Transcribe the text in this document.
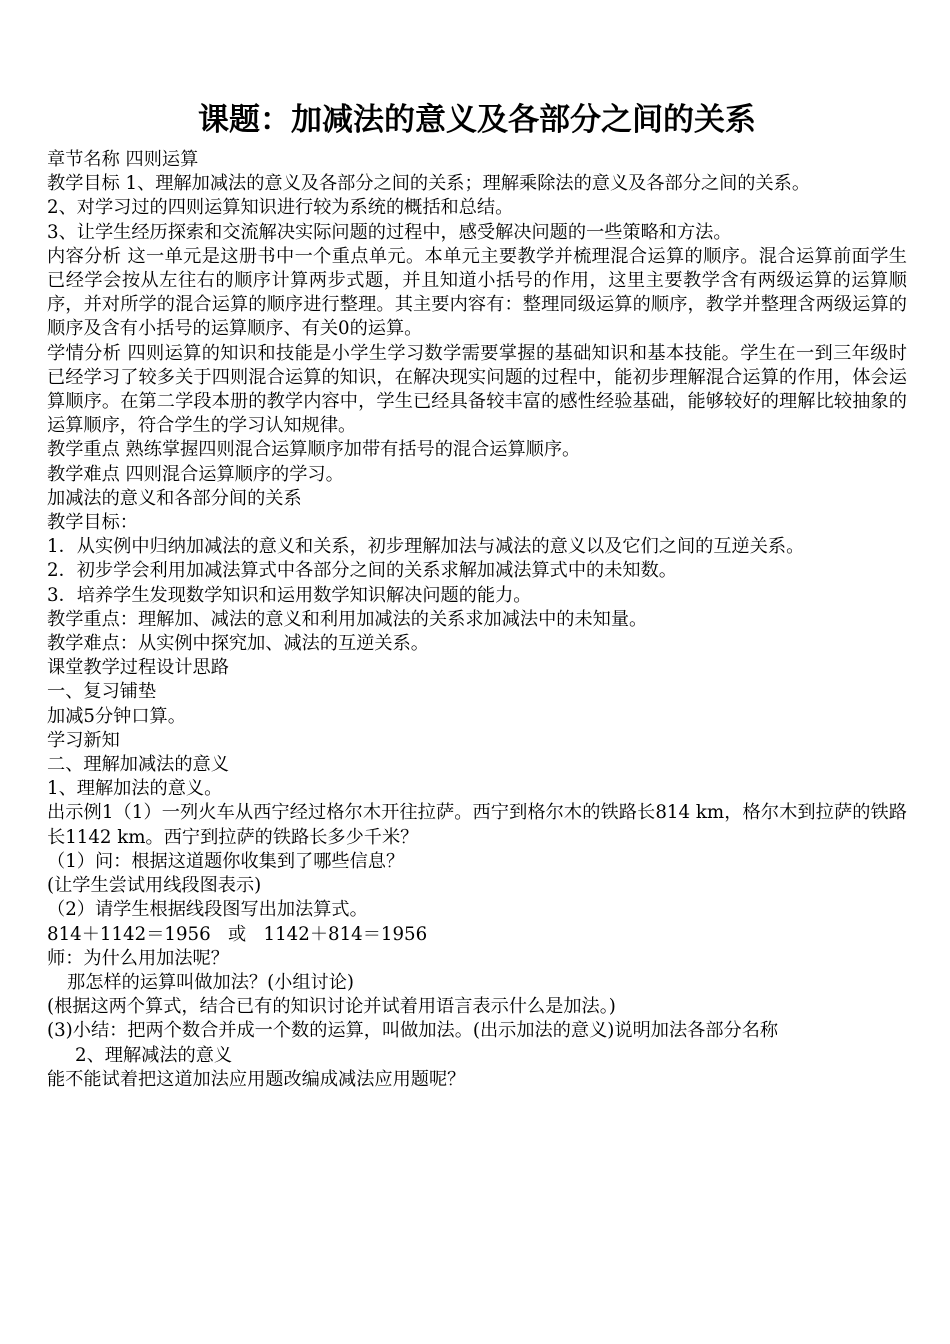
课题：加减法的意义及各部分之间的关系

章节名称 四则运算

教学目标 1、理解加减法的意义及各部分之间的关系；理解乘除法的意义及各部分之间的关系。

2、对学习过的四则运算知识进行较为系统的概括和总结。

3、让学生经历探索和交流解决实际问题的过程中，感受解决问题的一些策略和方法。

内容分析 这一单元是这册书中一个重点单元。本单元主要教学并梳理混合运算的顺序。混合运算前面学生已经学会按从左往右的顺序计算两步式题，并且知道小括号的作用，这里主要教学含有两级运算的运算顺序，并对所学的混合运算的顺序进行整理。其主要内容有：整理同级运算的顺序，教学并整理含两级运算的顺序及含有小括号的运算顺序、有关0的运算。

学情分析 四则运算的知识和技能是小学生学习数学需要掌握的基础知识和基本技能。学生在一到三年级时已经学习了较多关于四则混合运算的知识，在解决现实问题的过程中，能初步理解混合运算的作用，体会运算顺序。在第二学段本册的教学内容中，学生已经具备较丰富的感性经验基础，能够较好的理解比较抽象的运算顺序，符合学生的学习认知规律。

教学重点 熟练掌握四则混合运算顺序加带有括号的混合运算顺序。

教学难点 四则混合运算顺序的学习。

加减法的意义和各部分间的关系

教学目标：

1．从实例中归纳加减法的意义和关系，初步理解加法与减法的意义以及它们之间的互逆关系。

2．初步学会利用加减法算式中各部分之间的关系求解加减法算式中的未知数。

3．培养学生发现数学知识和运用数学知识解决问题的能力。

教学重点：理解加、减法的意义和利用加减法的关系求加减法中的未知量。

教学难点：从实例中探究加、减法的互逆关系。

课堂教学过程设计思路

一、复习铺垫

加减5分钟口算。

学习新知

二、理解加减法的意义

1、理解加法的意义。

出示例1（1）一列火车从西宁经过格尔木开往拉萨。西宁到格尔木的铁路长814 km，格尔木到拉萨的铁路长1142 km。西宁到拉萨的铁路长多少千米？

（1）问：根据这道题你收集到了哪些信息？

(让学生尝试用线段图表示)

（2）请学生根据线段图写出加法算式。

814＋1142＝1956   或   1142＋814＝1956

师：为什么用加法呢？

那怎样的运算叫做加法？(小组讨论)

(根据这两个算式，结合已有的知识讨论并试着用语言表示什么是加法。)

(3)小结：把两个数合并成一个数的运算，叫做加法。(出示加法的意义)说明加法各部分名称

2、理解减法的意义

能不能试着把这道加法应用题改编成减法应用题呢？
